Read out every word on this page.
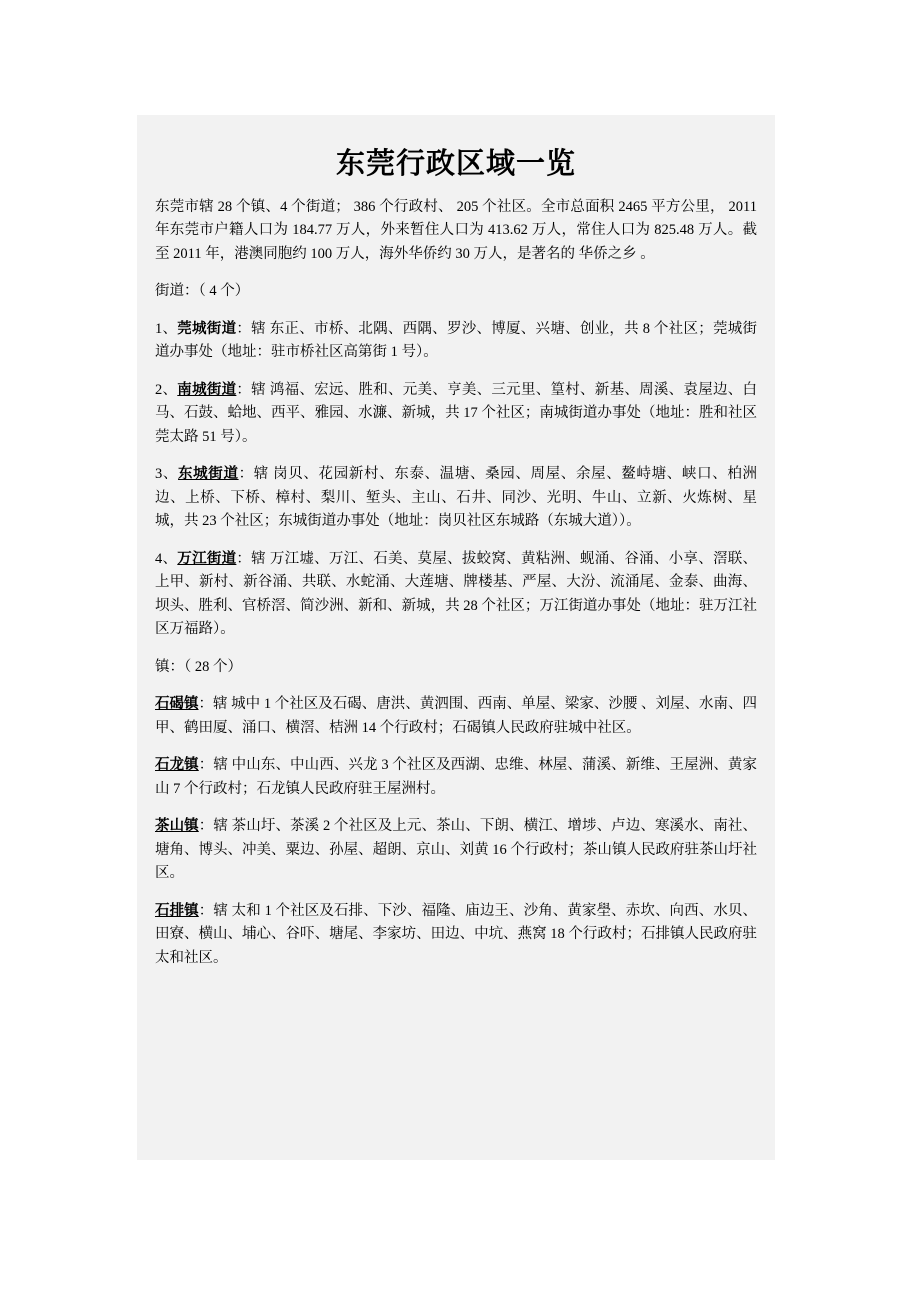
东莞行政区域一览

东莞市辖 28 个镇、4 个街道； 386 个行政村、 205 个社区。全市总面积 2465 平方公里， 2011 年东莞市户籍人口为 184.77 万人，外来暂住人口为 413.62 万人，常住人口为 825.48 万人。截至 2011 年，港澳同胞约 100 万人，海外华侨约 30 万人，是著名的 华侨之乡 。

街道：（ 4 个）

1、莞城街道：辖 东正、市桥、北隅、西隅、罗沙、博厦、兴塘、创业，共 8 个社区；莞城街道办事处（地址：驻市桥社区高第街 1 号）。

2、南城街道：辖 鸿福、宏远、胜和、元美、亨美、三元里、篁村、新基、周溪、袁屋边、白马、石鼓、蛤地、西平、雅园、水濂、新城，共 17 个社区；南城街道办事处（地址：胜和社区莞太路 51 号）。

3、东城街道：辖 岗贝、花园新村、东泰、温塘、桑园、周屋、余屋、鳌峙塘、峡口、柏洲边、上桥、下桥、樟村、梨川、堑头、主山、石井、同沙、光明、牛山、立新、火炼树、星城，共 23 个社区；东城街道办事处（地址：岗贝社区东城路（东城大道））。

4、万江街道：辖 万江墟、万江、石美、莫屋、拔蛟窝、黄粘洲、蚬涌、谷涌、小享、滘联、上甲、新村、新谷涌、共联、水蛇涌、大莲塘、牌楼基、严屋、大汾、流涌尾、金泰、曲海、坝头、胜利、官桥滘、简沙洲、新和、新城，共 28 个社区；万江街道办事处（地址：驻万江社区万福路）。

镇：（ 28 个）

石碣镇：辖 城中 1 个社区及石碣、唐洪、黄泗围、西南、单屋、梁家、沙腰 、刘屋、水南、四甲、鹤田厦、涌口、横滘、桔洲 14 个行政村；石碣镇人民政府驻城中社区。

石龙镇：辖 中山东、中山西、兴龙 3 个社区及西湖、忠维、林屋、蒲溪、新维、王屋洲、黄家山 7 个行政村；石龙镇人民政府驻王屋洲村。

茶山镇：辖 茶山圩、茶溪 2 个社区及上元、茶山、下朗、横江、增埗、卢边、寒溪水、南社、塘角、博头、冲美、粟边、孙屋、超朗、京山、刘黄 16 个行政村；茶山镇人民政府驻茶山圩社区。

石排镇：辖 太和 1 个社区及石排、下沙、福隆、庙边王、沙角、黄家壆、赤坎、向西、水贝、田寮、横山、埔心、谷吓、塘尾、李家坊、田边、中坑、燕窝 18 个行政村；石排镇人民政府驻太和社区。
